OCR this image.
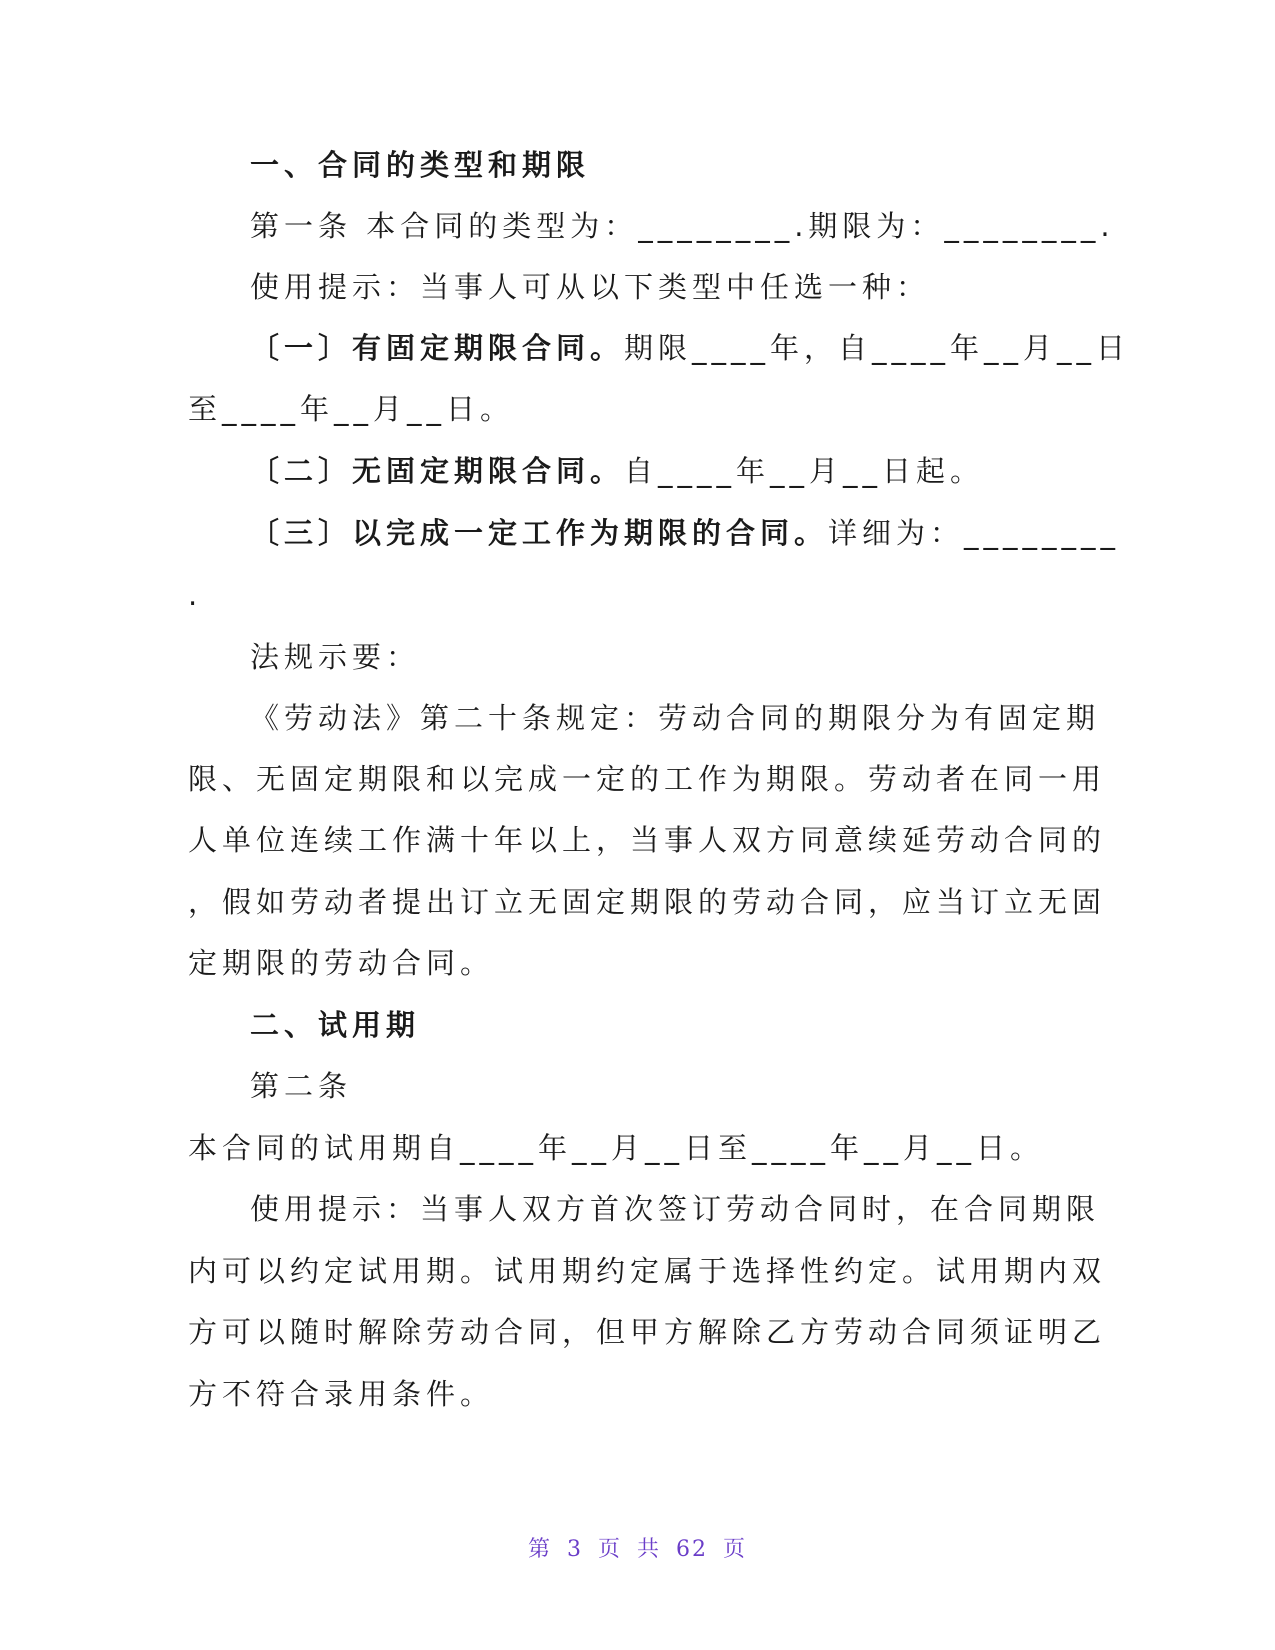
一、合同的类型和期限

第一条 本合同的类型为：________.期限为：________.

使用提示：当事人可从以下类型中任选一种：

〔一〕有固定期限合同。期限____年，自____年__月__日

至____年__月__日。

〔二〕无固定期限合同。自____年__月__日起。

〔三〕以完成一定工作为期限的合同。详细为：________

.

法规示要：

《劳动法》第二十条规定：劳动合同的期限分为有固定期

限、无固定期限和以完成一定的工作为期限。劳动者在同一用

人单位连续工作满十年以上，当事人双方同意续延劳动合同的

，假如劳动者提出订立无固定期限的劳动合同，应当订立无固

定期限的劳动合同。

二、试用期

第二条

本合同的试用期自____年__月__日至____年__月__日。

使用提示：当事人双方首次签订劳动合同时，在合同期限

内可以约定试用期。试用期约定属于选择性约定。试用期内双

方可以随时解除劳动合同，但甲方解除乙方劳动合同须证明乙

方不符合录用条件。

第 3 页 共 62 页
